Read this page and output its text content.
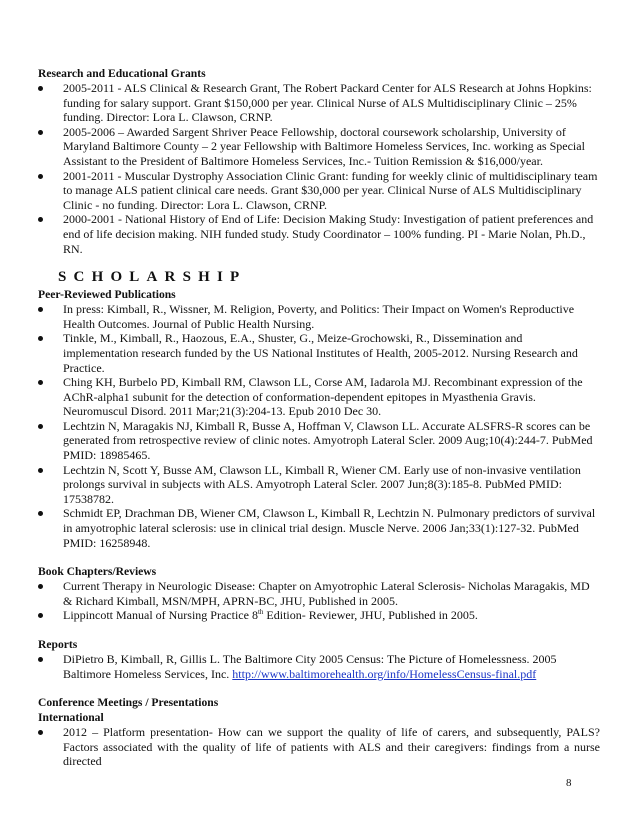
Research and Educational Grants
2005-2011 - ALS Clinical & Research Grant, The Robert Packard Center for ALS Research at Johns Hopkins: funding for salary support. Grant $150,000 per year. Clinical Nurse of ALS Multidisciplinary Clinic – 25% funding. Director: Lora L. Clawson, CRNP.
2005-2006 – Awarded Sargent Shriver Peace Fellowship, doctoral coursework scholarship, University of Maryland Baltimore County – 2 year Fellowship with Baltimore Homeless Services, Inc. working as Special Assistant to the President of Baltimore Homeless Services, Inc.- Tuition Remission & $16,000/year.
2001-2011 - Muscular Dystrophy Association Clinic Grant: funding for weekly clinic of multidisciplinary team to manage ALS patient clinical care needs. Grant $30,000 per year. Clinical Nurse of ALS Multidisciplinary Clinic - no funding. Director: Lora L. Clawson, CRNP.
2000-2001 - National History of End of Life: Decision Making Study: Investigation of patient preferences and end of life decision making. NIH funded study. Study Coordinator – 100% funding. PI - Marie Nolan, Ph.D., RN.
SCHOLARSHIP
Peer-Reviewed Publications
In press: Kimball, R., Wissner, M. Religion, Poverty, and Politics: Their Impact on Women's Reproductive Health Outcomes. Journal of Public Health Nursing.
Tinkle, M., Kimball, R., Haozous, E.A., Shuster, G., Meize-Grochowski, R., Dissemination and implementation research funded by the US National Institutes of Health, 2005-2012. Nursing Research and Practice.
Ching KH, Burbelo PD, Kimball RM, Clawson LL, Corse AM, Iadarola MJ. Recombinant expression of the AChR-alpha1 subunit for the detection of conformation-dependent epitopes in Myasthenia Gravis. Neuromuscul Disord. 2011 Mar;21(3):204-13. Epub 2010 Dec 30.
Lechtzin N, Maragakis NJ, Kimball R, Busse A, Hoffman V, Clawson LL. Accurate ALSFRS-R scores can be generated from retrospective review of clinic notes. Amyotroph Lateral Scler. 2009 Aug;10(4):244-7. PubMed PMID: 18985465.
Lechtzin N, Scott Y, Busse AM, Clawson LL, Kimball R, Wiener CM. Early use of non-invasive ventilation prolongs survival in subjects with ALS. Amyotroph Lateral Scler. 2007 Jun;8(3):185-8. PubMed PMID: 17538782.
Schmidt EP, Drachman DB, Wiener CM, Clawson L, Kimball R, Lechtzin N. Pulmonary predictors of survival in amyotrophic lateral sclerosis: use in clinical trial design. Muscle Nerve. 2006 Jan;33(1):127-32. PubMed PMID: 16258948.
Book Chapters/Reviews
Current Therapy in Neurologic Disease: Chapter on Amyotrophic Lateral Sclerosis- Nicholas Maragakis, MD & Richard Kimball, MSN/MPH, APRN-BC, JHU, Published in 2005.
Lippincott Manual of Nursing Practice 8th Edition- Reviewer, JHU, Published in 2005.
Reports
DiPietro B, Kimball, R, Gillis L. The Baltimore City 2005 Census: The Picture of Homelessness. 2005 Baltimore Homeless Services, Inc. http://www.baltimorehealth.org/info/HomelessCensus-final.pdf
Conference Meetings / Presentations
International
2012 – Platform presentation- How can we support the quality of life of carers, and subsequently, PALS? Factors associated with the quality of life of patients with ALS and their caregivers: findings from a nurse directed
8
